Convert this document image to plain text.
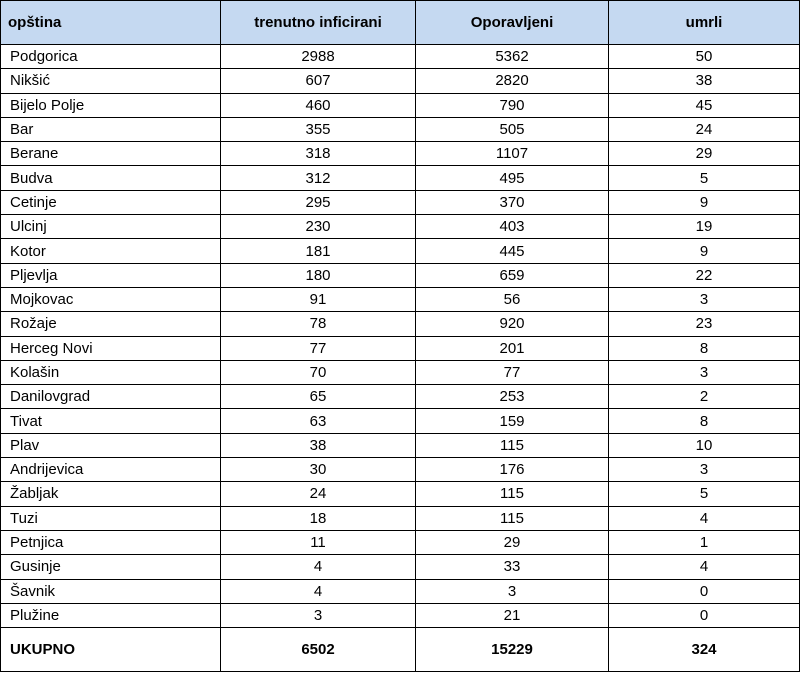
opština	trenutno inficirani	Oporavljeni	umrli
Podgorica	2988	5362	50
Nikšić	607	2820	38
Bijelo Polje	460	790	45
Bar	355	505	24
Berane	318	1107	29
Budva	312	495	5
Cetinje	295	370	9
Ulcinj	230	403	19
Kotor	181	445	9
Pljevlja	180	659	22
Mojkovac	91	56	3
Rožaje	78	920	23
Herceg Novi	77	201	8
Kolašin	70	77	3
Danilovgrad	65	253	2
Tivat	63	159	8
Plav	38	115	10
Andrijevica	30	176	3
Žabljak	24	115	5
Tuzi	18	115	4
Petnjica	11	29	1
Gusinje	4	33	4
Šavnik	4	3	0
Plužine	3	21	0
UKUPNO	6502	15229	324
